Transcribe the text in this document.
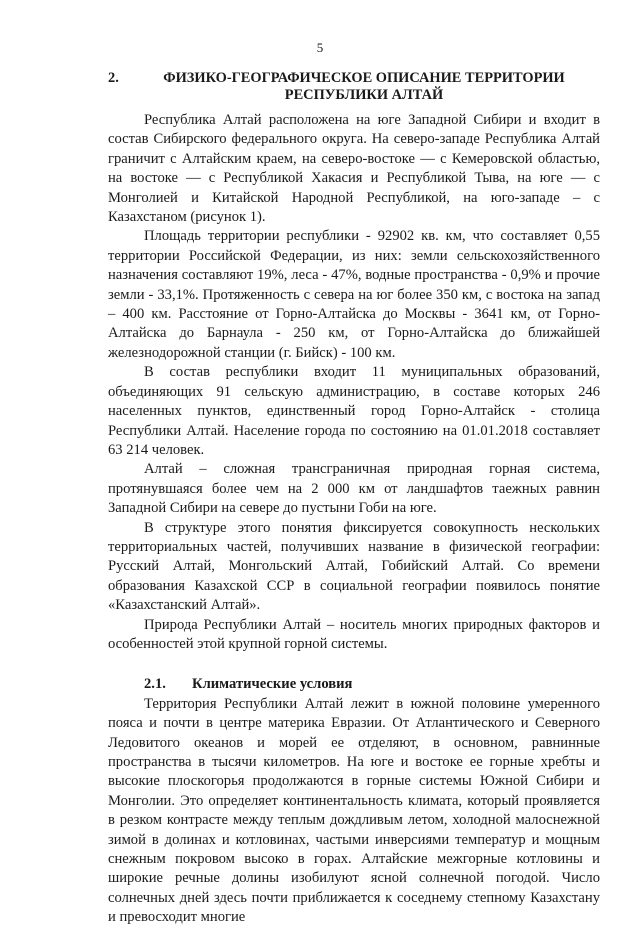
5
2.	ФИЗИКО-ГЕОГРАФИЧЕСКОЕ ОПИСАНИЕ ТЕРРИТОРИИ РЕСПУБЛИКИ АЛТАЙ

Республика Алтай расположена на юге Западной Сибири и входит в состав Сибирского федерального округа. На северо-западе Республика Алтай граничит с Алтайским краем, на северо-востоке — с Кемеровской областью, на востоке — с Республикой Хакасия и Республикой Тыва, на юге — с Монголией и Китайской Народной Республикой, на юго-западе – с Казахстаном (рисунок 1).

Площадь территории республики - 92902 кв. км, что составляет 0,55 территории Российской Федерации, из них: земли сельскохозяйственного назначения составляют 19%, леса - 47%, водные пространства - 0,9% и прочие земли - 33,1%. Протяженность с севера на юг более 350 км, с востока на запад – 400 км. Расстояние от Горно-Алтайска до Москвы - 3641 км, от Горно-Алтайска до Барнаула - 250 км, от Горно-Алтайска до ближайшей железнодорожной станции (г. Бийск) - 100 км.

В состав республики входит 11 муниципальных образований, объединяющих 91 сельскую администрацию, в составе которых 246 населенных пунктов, единственный город Горно-Алтайск - столица Республики Алтай. Население города по состоянию на 01.01.2018 составляет 63 214 человек.

Алтай – сложная трансграничная природная горная система, протянувшаяся более чем на 2 000 км от ландшафтов таежных равнин Западной Сибири на севере до пустыни Гоби на юге.

В структуре этого понятия фиксируется совокупность нескольких территориальных частей, получивших название в физической географии: Русский Алтай, Монгольский Алтай, Гобийский Алтай. Со времени образования Казахской ССР в социальной географии появилось понятие «Казахстанский Алтай».

Природа Республики Алтай – носитель многих природных факторов и особенностей этой крупной горной системы.

2.1. Климатические условия

Территория Республики Алтай лежит в южной половине умеренного пояса и почти в центре материка Евразии. От Атлантического и Северного Ледовитого океанов и морей ее отделяют, в основном, равнинные пространства в тысячи километров. На юге и востоке ее горные хребты и высокие плоскогорья продолжаются в горные системы Южной Сибири и Монголии. Это определяет континентальность климата, который проявляется в резком контрасте между теплым дождливым летом, холодной малоснежной зимой в долинах и котловинах, частыми инверсиями температур и мощным снежным покровом высоко в горах. Алтайские межгорные котловины и широкие речные долины изобилуют ясной солнечной погодой. Число солнечных дней здесь почти приближается к соседнему степному Казахстану и превосходит многие
